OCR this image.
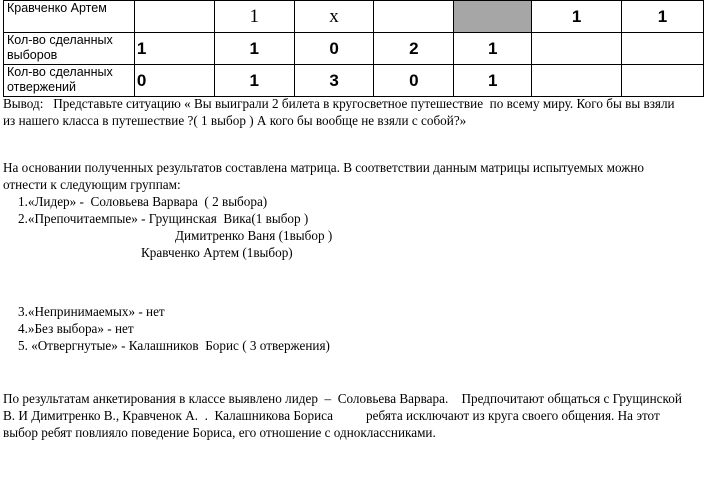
Кравченко Артем		1	x			1	1
Кол-во сделанных выборов	1	1	0	2	1		
Кол-во сделанных отвержений	0	1	3	0	1		
Вывод:   Представьте ситуацию « Вы выиграли 2 билета в кругосветное путешествие  по всему миру. Кого бы вы взяли
из нашего класса в путешествие ?( 1 выбор ) А кого бы вообще не взяли с собой?»
На основании полученных результатов составлена матрица. В соответствии данным матрицы испытуемых можно
отнести к следующим группам:
1.«Лидер» -  Соловьева Варвара  ( 2 выбора)
2.«Препочитаемпые» - Грущинская  Вика(1 выбор )
Димитренко Ваня (1выбор )
Кравченко Артем (1выбор)
3.«Непринимаемых» - нет
4.»Без выбора» - нет
5. «Отвергнутые» - Калашников  Борис ( 3 отвержения)
По результатам анкетирования в классе выявлено лидер  –  Соловьева Варвара.    Предпочитают общаться с Грущинской
В. И Димитренко В., Кравченок А.  .  Калашникова Бориса          ребята исключают из круга своего общения. На этот
выбор ребят повлияло поведение Бориса, его отношение с одноклассниками.
